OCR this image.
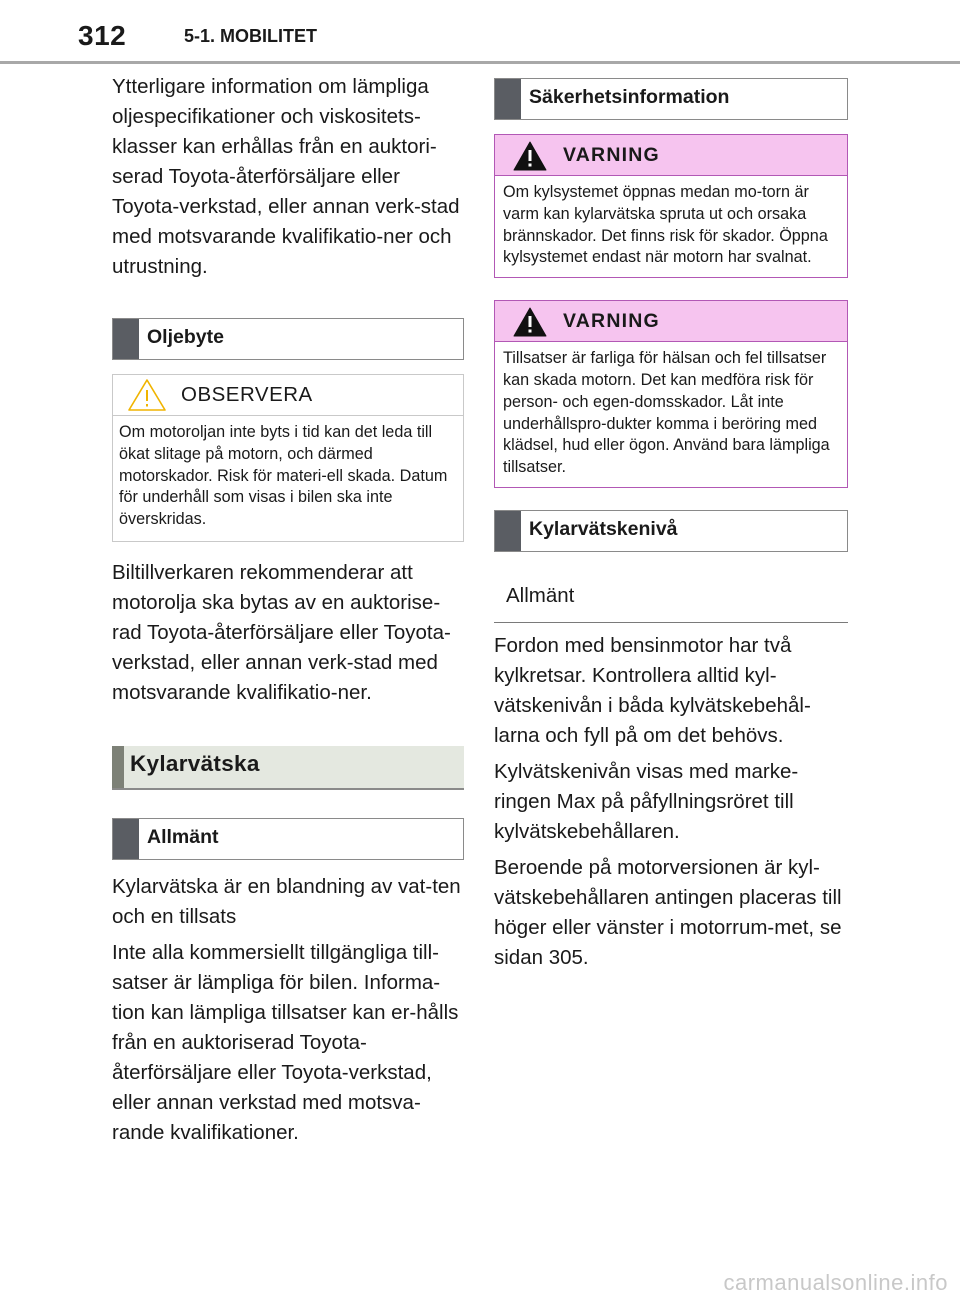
312	5-1. MOBILITET

Ytterligare information om lämpliga oljespecifikationer och viskositets-klasser kan erhållas från en auktori-serad Toyota-återförsäljare eller Toyota-verkstad, eller annan verk-stad med motsvarande kvalifikatio-ner och utrustning.

Oljebyte
OBSERVERA
Om motoroljan inte byts i tid kan det leda till ökat slitage på motorn, och därmed motorskador. Risk för materi-ell skada. Datum för underhåll som visas i bilen ska inte överskridas.

Biltillverkaren rekommenderar att motorolja ska bytas av en auktorise-rad Toyota-återförsäljare eller Toyota-verkstad, eller annan verk-stad med motsvarande kvalifikatio-ner.

Kylarvätska
Allmänt

Kylarvätska är en blandning av vat-ten och en tillsats

Inte alla kommersiellt tillgängliga till-satser är lämpliga för bilen. Informa-tion kan lämpliga tillsatser kan er-hålls från en auktoriserad Toyota-återförsäljare eller Toyota-verkstad, eller annan verkstad med motsva-rande kvalifikationer.

Säkerhetsinformation
VARNING
Om kylsystemet öppnas medan mo-torn är varm kan kylarvätska spruta ut och orsaka brännskador. Det finns risk för skador. Öppna kylsystemet endast när motorn har svalnat.
VARNING
Tillsatser är farliga för hälsan och fel tillsatser kan skada motorn. Det kan medföra risk för person- och egen-domsskador. Låt inte underhållspro-dukter komma i beröring med klädsel, hud eller ögon. Använd bara lämpliga tillsatser.
Kylarvätskenivå
Allmänt

Fordon med bensinmotor har två kylkretsar. Kontrollera alltid kyl-vätskenivån i båda kylvätskebehål-larna och fyll på om det behövs.

Kylvätskenivån visas med marke-ringen Max på påfyllningsröret till kylvätskebehållaren.

Beroende på motorversionen är kyl-vätskebehållaren antingen placeras till höger eller vänster i motorrum-met, se sidan 305.

carmanualsonline.info
